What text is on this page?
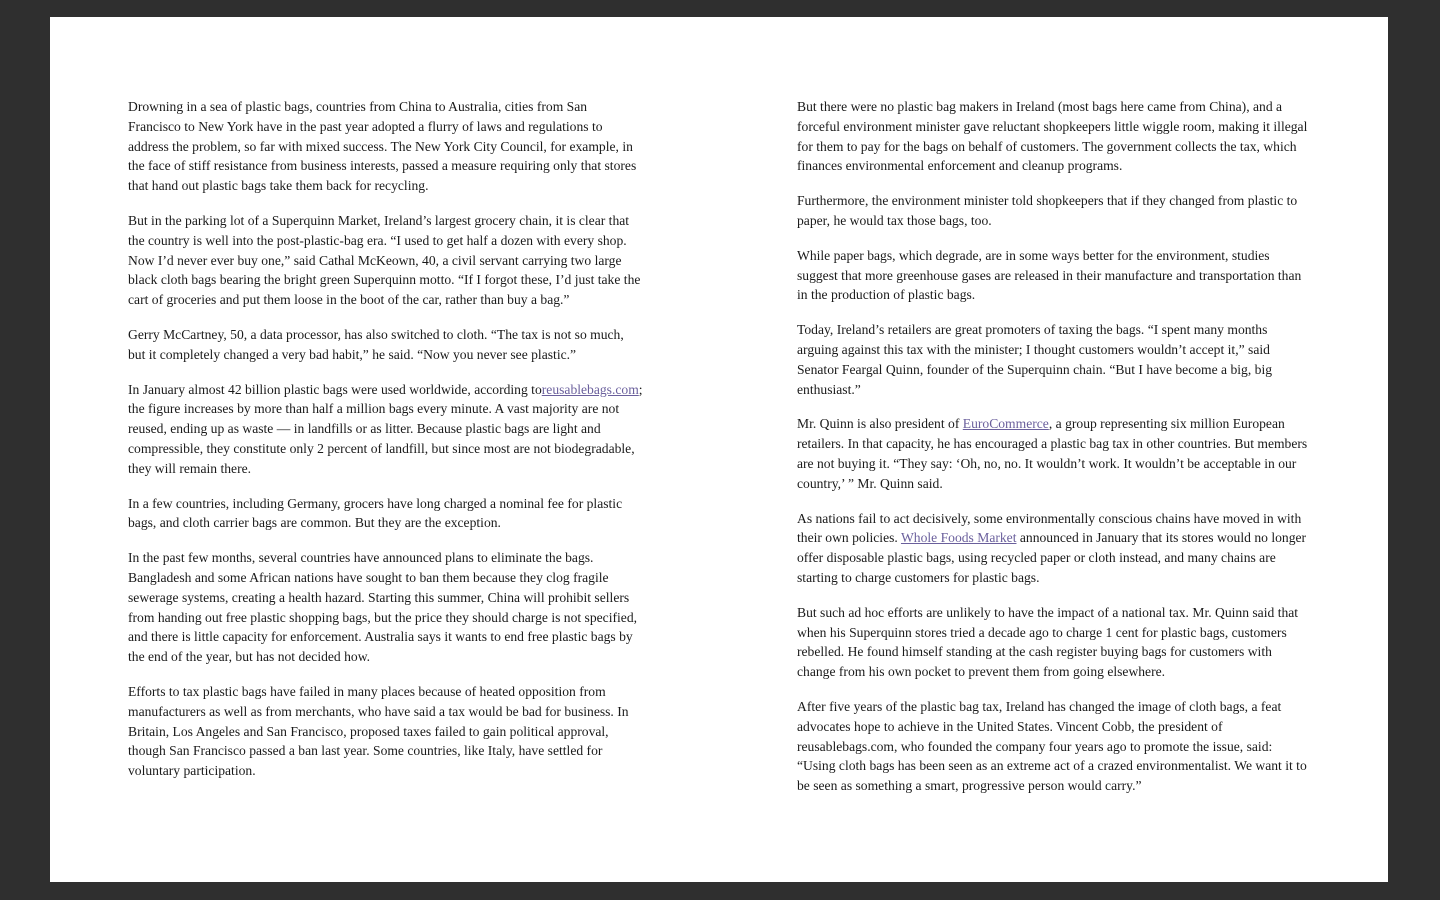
Drowning in a sea of plastic bags, countries from China to Australia, cities from San Francisco to New York have in the past year adopted a flurry of laws and regulations to address the problem, so far with mixed success. The New York City Council, for example, in the face of stiff resistance from business interests, passed a measure requiring only that stores that hand out plastic bags take them back for recycling.

But in the parking lot of a Superquinn Market, Ireland’s largest grocery chain, it is clear that the country is well into the post-plastic-bag era. “I used to get half a dozen with every shop. Now I’d never ever buy one,” said Cathal McKeown, 40, a civil servant carrying two large black cloth bags bearing the bright green Superquinn motto. “If I forgot these, I’d just take the cart of groceries and put them loose in the boot of the car, rather than buy a bag.”

Gerry McCartney, 50, a data processor, has also switched to cloth. “The tax is not so much, but it completely changed a very bad habit,” he said. “Now you never see plastic.”

In January almost 42 billion plastic bags were used worldwide, according toreusablebags.com; the figure increases by more than half a million bags every minute. A vast majority are not reused, ending up as waste — in landfills or as litter. Because plastic bags are light and compressible, they constitute only 2 percent of landfill, but since most are not biodegradable, they will remain there.

In a few countries, including Germany, grocers have long charged a nominal fee for plastic bags, and cloth carrier bags are common. But they are the exception.

In the past few months, several countries have announced plans to eliminate the bags. Bangladesh and some African nations have sought to ban them because they clog fragile sewerage systems, creating a health hazard. Starting this summer, China will prohibit sellers from handing out free plastic shopping bags, but the price they should charge is not specified, and there is little capacity for enforcement. Australia says it wants to end free plastic bags by the end of the year, but has not decided how.

Efforts to tax plastic bags have failed in many places because of heated opposition from manufacturers as well as from merchants, who have said a tax would be bad for business. In Britain, Los Angeles and San Francisco, proposed taxes failed to gain political approval, though San Francisco passed a ban last year. Some countries, like Italy, have settled for voluntary participation.

But there were no plastic bag makers in Ireland (most bags here came from China), and a forceful environment minister gave reluctant shopkeepers little wiggle room, making it illegal for them to pay for the bags on behalf of customers. The government collects the tax, which finances environmental enforcement and cleanup programs.

Furthermore, the environment minister told shopkeepers that if they changed from plastic to paper, he would tax those bags, too.

While paper bags, which degrade, are in some ways better for the environment, studies suggest that more greenhouse gases are released in their manufacture and transportation than in the production of plastic bags.

Today, Ireland’s retailers are great promoters of taxing the bags. “I spent many months arguing against this tax with the minister; I thought customers wouldn’t accept it,” said Senator Feargal Quinn, founder of the Superquinn chain. “But I have become a big, big enthusiast.”

Mr. Quinn is also president of EuroCommerce, a group representing six million European retailers. In that capacity, he has encouraged a plastic bag tax in other countries. But members are not buying it. “They say: ‘Oh, no, no. It wouldn’t work. It wouldn’t be acceptable in our country,’ ” Mr. Quinn said.

As nations fail to act decisively, some environmentally conscious chains have moved in with their own policies. Whole Foods Market announced in January that its stores would no longer offer disposable plastic bags, using recycled paper or cloth instead, and many chains are starting to charge customers for plastic bags.

But such ad hoc efforts are unlikely to have the impact of a national tax. Mr. Quinn said that when his Superquinn stores tried a decade ago to charge 1 cent for plastic bags, customers rebelled. He found himself standing at the cash register buying bags for customers with change from his own pocket to prevent them from going elsewhere.

After five years of the plastic bag tax, Ireland has changed the image of cloth bags, a feat advocates hope to achieve in the United States. Vincent Cobb, the president of reusablebags.com, who founded the company four years ago to promote the issue, said: “Using cloth bags has been seen as an extreme act of a crazed environmentalist. We want it to be seen as something a smart, progressive person would carry.”
